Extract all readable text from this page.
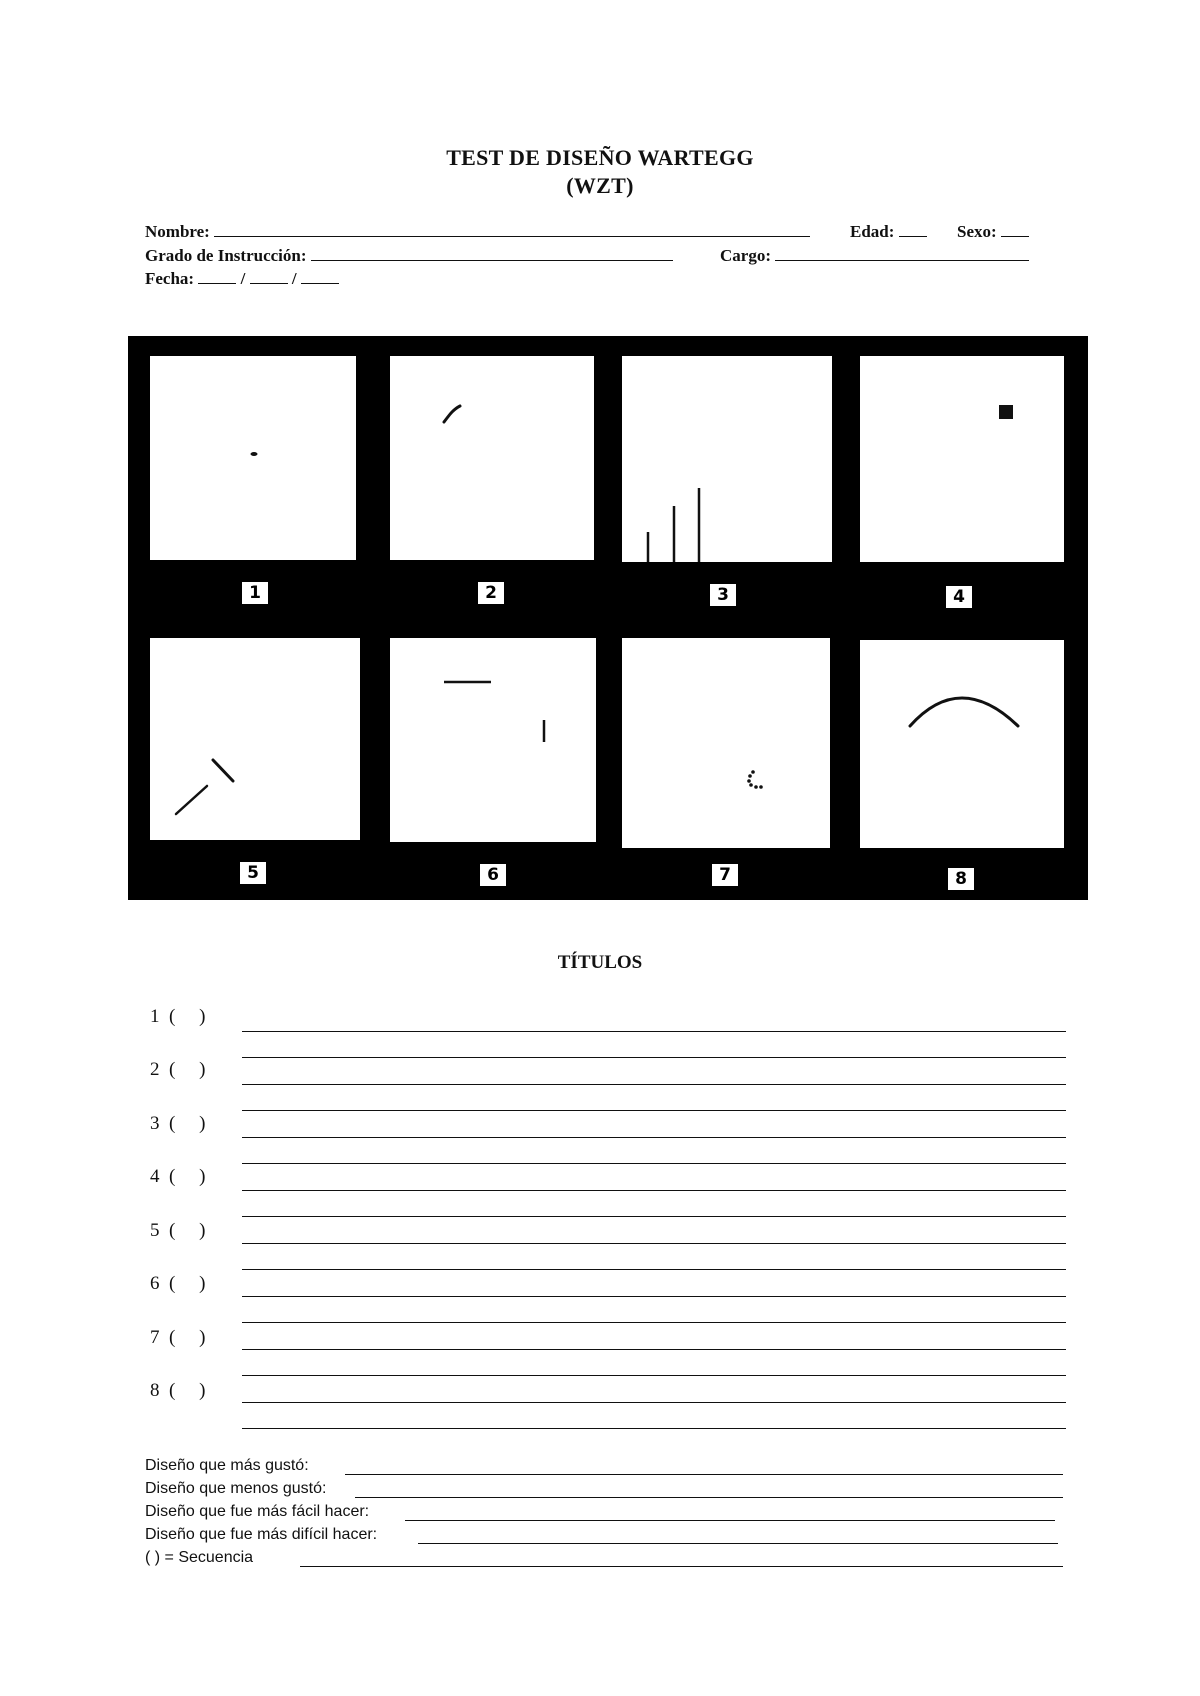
TEST DE DISEÑO WARTEGG
(WZT)
Nombre:	Edad:	Sexo:
Grado de Instrucción:	Cargo:
Fecha:	/	/
1	2	3	4
5	6	7	8
TÍTULOS
1 (     )
2 (     )
3 (     )
4 (     )
5 (     )
6 (     )
7 (     )
8 (     )
Diseño que más gustó:
Diseño que menos gustó:
Diseño que fue más fácil hacer:
Diseño que fue más difícil hacer:
( ) = Secuencia
